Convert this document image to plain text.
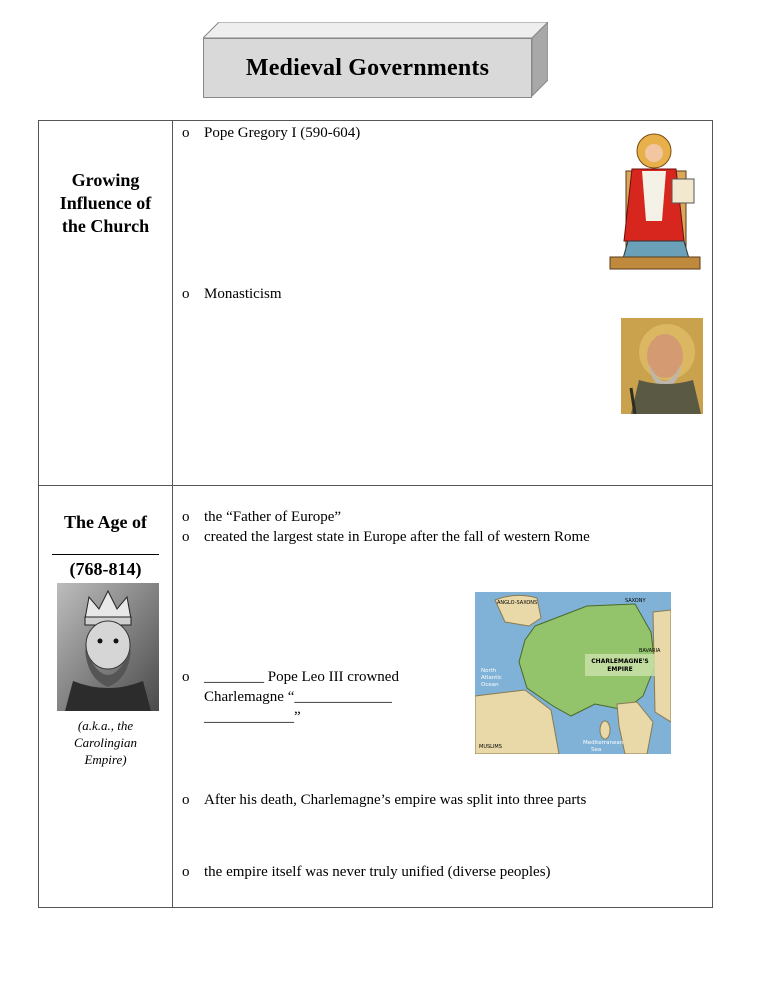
Medieval Governments
Growing
Influence of
the Church
o Pope Gregory I (590-604)
o Monasticism
The Age of
(768-814)
(a.k.a., the
Carolingian
Empire)
o the “Father of Europe”
o created the largest state in Europe after the fall of western Rome
o ________ Pope Leo III crowned
Charlemagne “_____________
____________”
o After his death, Charlemagne’s empire was split into three parts
o the empire itself was never truly unified (diverse peoples)
CHARLEMAGNE'S
EMPIRE
North
Atlantic
Ocean
Mediterranean
Sea
SAXONY
BAVARIA
MUSLIMS
ANGLO-SAXONS
